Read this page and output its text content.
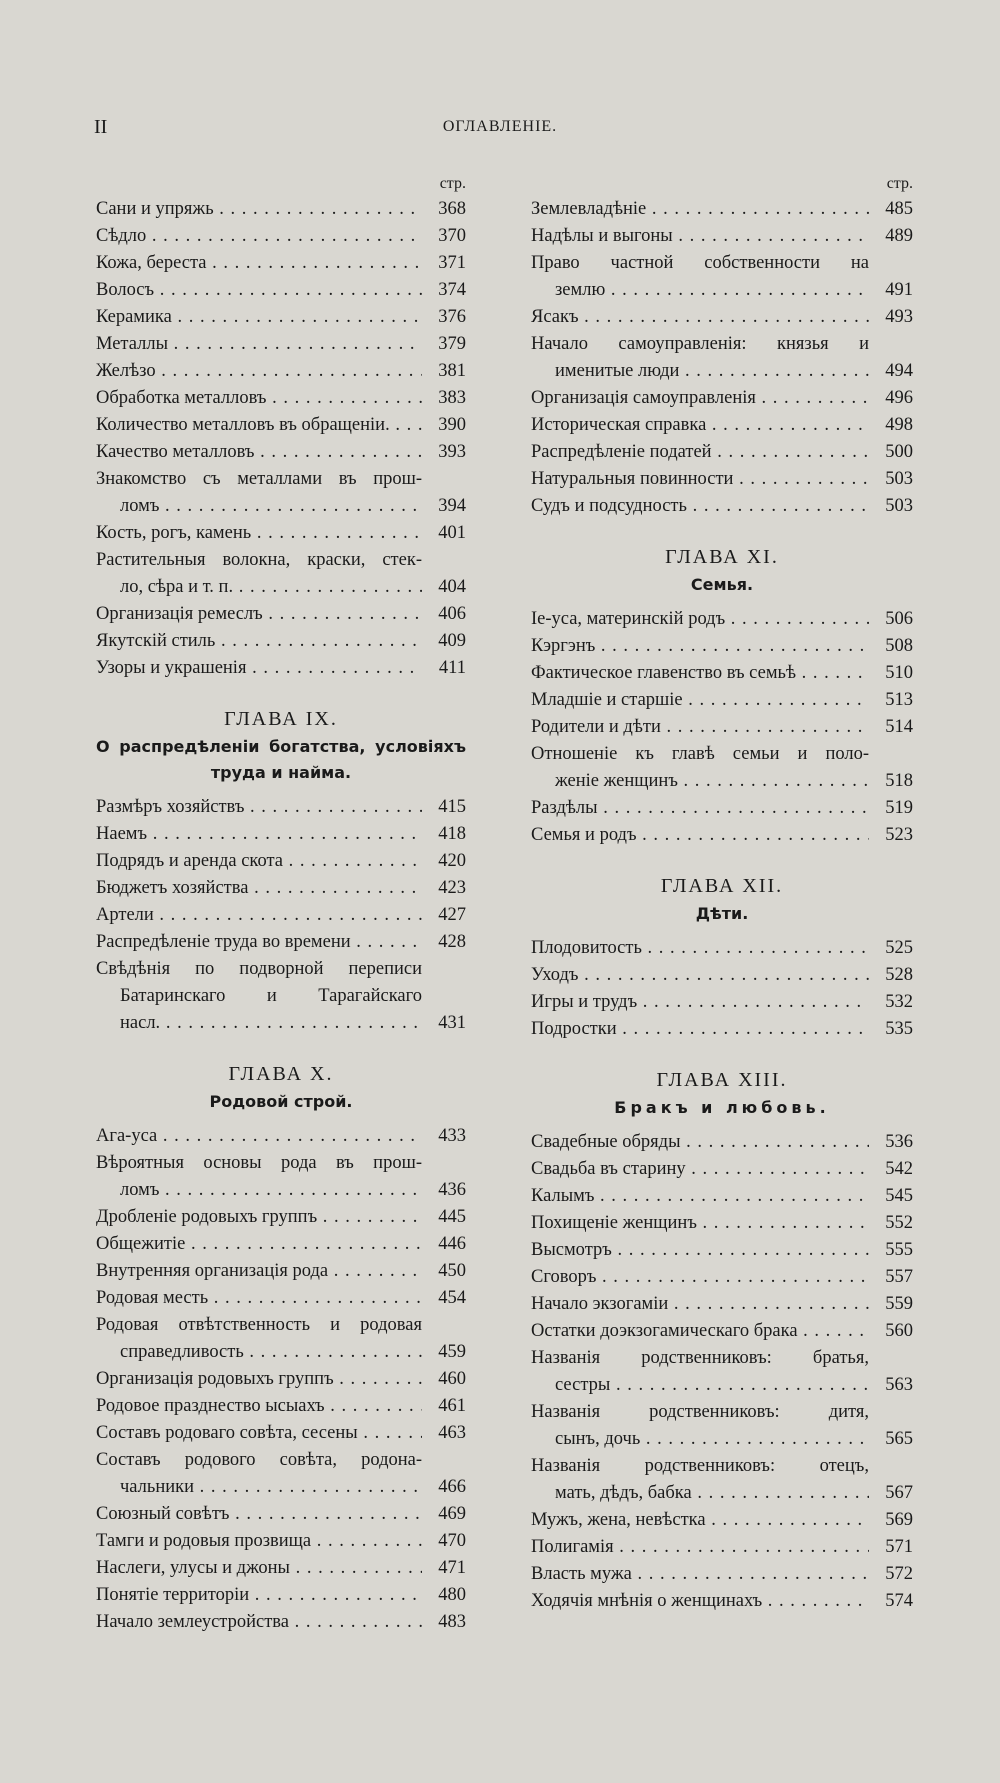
II	ОГЛАВЛЕНІЕ.
стр.
Сани и упряжь . . .	368
Сѣдло . . .	370
Кожа, береста . . .	371
Волосъ . . .	374
Керамика . . .	376
Металлы . . .	379
Желѣзо . . .	381
Обработка металловъ . . .	383
Количество металловъ въ обращеніи. . . .	390
Качество металловъ . . .	393
Знакомство съ металлами въ прош-
ломъ . . .	394
Кость, рогъ, камень . . .	401
Растительныя волокна, краски, стек-
ло, сѣра и т. п. . . .	404
Организація ремеслъ . . .	406
Якутскій стиль . . .	409
Узоры и украшенія . . .	411
ГЛАВА IX.
О распредѣленіи богатства, условіяхъ
труда и найма.
Размѣръ хозяйствъ . . .	415
Наемъ . . .	418
Подрядъ и аренда скота . . .	420
Бюджетъ хозяйства . . .	423
Артели . . .	427
Распредѣленіе труда во времени . . .	428
Свѣдѣнія по подворной переписи
Батаринскаго и Тарагайскаго
насл. . . .	431
ГЛАВА X.
Родовой строй.
Ага-уса . . .	433
Вѣроятныя основы рода въ прош-
ломъ . . .	436
Дробленіе родовыхъ группъ . . .	445
Общежитіе . . .	446
Внутренняя организація рода . . .	450
Родовая месть . . .	454
Родовая отвѣтственность и родовая
справедливость . . .	459
Организація родовыхъ группъ . . .	460
Родовое празднество ысыахъ . . .	461
Составъ родоваго совѣта, сесены . . .	463
Составъ родового совѣта, родона-
чальники . . .	466
Союзный совѣтъ . . .	469
Тамги и родовыя прозвища . . .	470
Наслеги, улусы и джоны . . .	471
Понятіе территоріи . . .	480
Начало землеустройства . . .	483
стр.
Землевладѣніе . . .	485
Надѣлы и выгоны . . .	489
Право частной собственности на
землю . . .	491
Ясакъ . . .	493
Начало самоуправленія: князья и
именитые люди . . .	494
Организація самоуправленія . . .	496
Историческая справка . . .	498
Распредѣленіе податей . . .	500
Натуральныя повинности . . .	503
Судъ и подсудность . . .	503
ГЛАВА XI.
Семья.
Іе-уса, материнскій родъ . . .	506
Кэргэнъ . . .	508
Фактическое главенство въ семьѣ . . .	510
Младшіе и старшіе . . .	513
Родители и дѣти . . .	514
Отношеніе къ главѣ семьи и поло-
женіе женщинъ . . .	518
Раздѣлы . . .	519
Семья и родъ . . .	523
ГЛАВА XII.
Дѣти.
Плодовитость . . .	525
Уходъ . . .	528
Игры и трудъ . . .	532
Подростки . . .	535
ГЛАВА XIII.
Бракъ и любовь.
Свадебные обряды . . .	536
Свадьба въ старину . . .	542
Калымъ . . .	545
Похищеніе женщинъ . . .	552
Высмотръ . . .	555
Сговоръ . . .	557
Начало экзогаміи . . .	559
Остатки доэкзогамическаго брака . . .	560
Названія родственниковъ: братья,
сестры . . .	563
Названія родственниковъ: дитя,
сынъ, дочь . . .	565
Названія родственниковъ: отецъ,
мать, дѣдъ, бабка . . .	567
Мужъ, жена, невѣстка . . .	569
Полигамія . . .	571
Власть мужа . . .	572
Ходячія мнѣнія о женщинахъ . . .	574
